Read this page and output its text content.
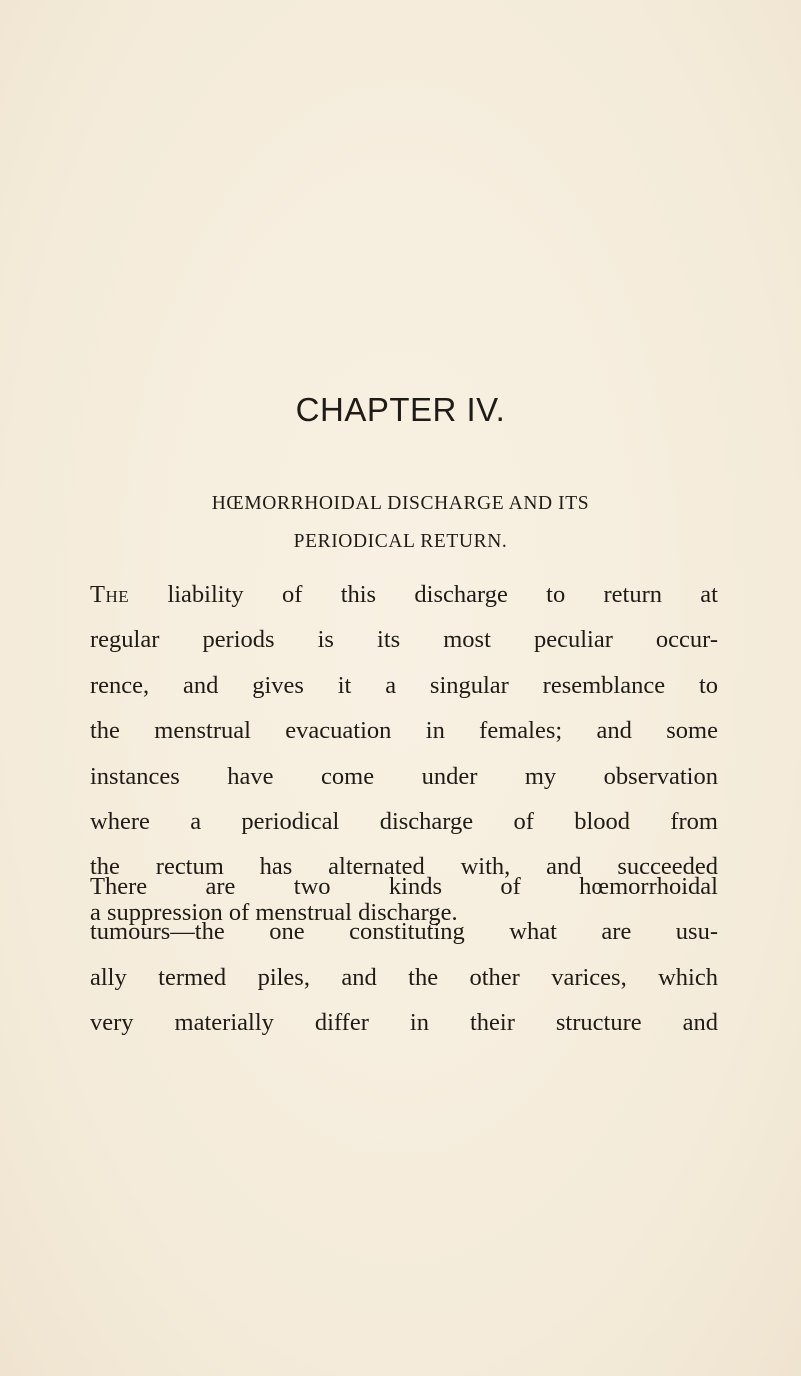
CHAPTER IV.
HŒMORRHOIDAL DISCHARGE AND ITS
PERIODICAL RETURN.
The liability of this discharge to return at
regular periods is its most peculiar occur-
rence, and gives it a singular resemblance to
the menstrual evacuation in females; and some
instances have come under my observation
where a periodical discharge of blood from
the rectum has alternated with, and succeeded
a suppression of menstrual discharge.
There are two kinds of hœmorrhoidal
tumours—the one constituting what are usu-
ally termed piles, and the other varices, which
very materially differ in their structure and
